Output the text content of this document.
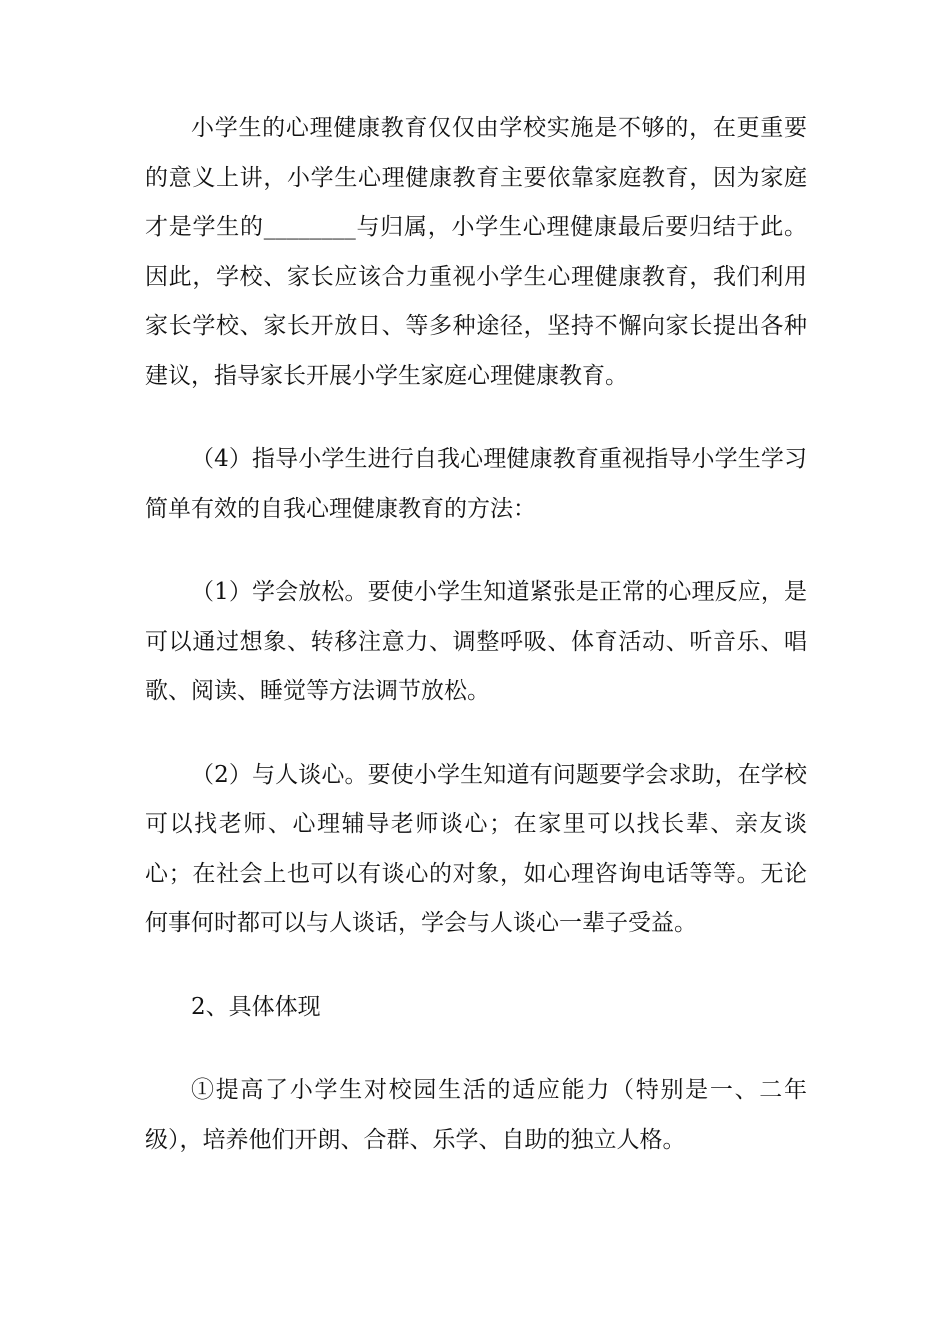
小学生的心理健康教育仅仅由学校实施是不够的，在更重要的意义上讲，小学生心理健康教育主要依靠家庭教育，因为家庭才是学生的________与归属，小学生心理健康最后要归结于此。因此，学校、家长应该合力重视小学生心理健康教育，我们利用家长学校、家长开放日、等多种途径，坚持不懈向家长提出各种建议，指导家长开展小学生家庭心理健康教育。

（4）指导小学生进行自我心理健康教育重视指导小学生学习简单有效的自我心理健康教育的方法：

（1）学会放松。要使小学生知道紧张是正常的心理反应，是可以通过想象、转移注意力、调整呼吸、体育活动、听音乐、唱歌、阅读、睡觉等方法调节放松。

（2）与人谈心。要使小学生知道有问题要学会求助，在学校可以找老师、心理辅导老师谈心；在家里可以找长辈、亲友谈心；在社会上也可以有谈心的对象，如心理咨询电话等等。无论何事何时都可以与人谈话，学会与人谈心一辈子受益。

2、具体体现

①提高了小学生对校园生活的适应能力（特别是一、二年级），培养他们开朗、合群、乐学、自助的独立人格。
